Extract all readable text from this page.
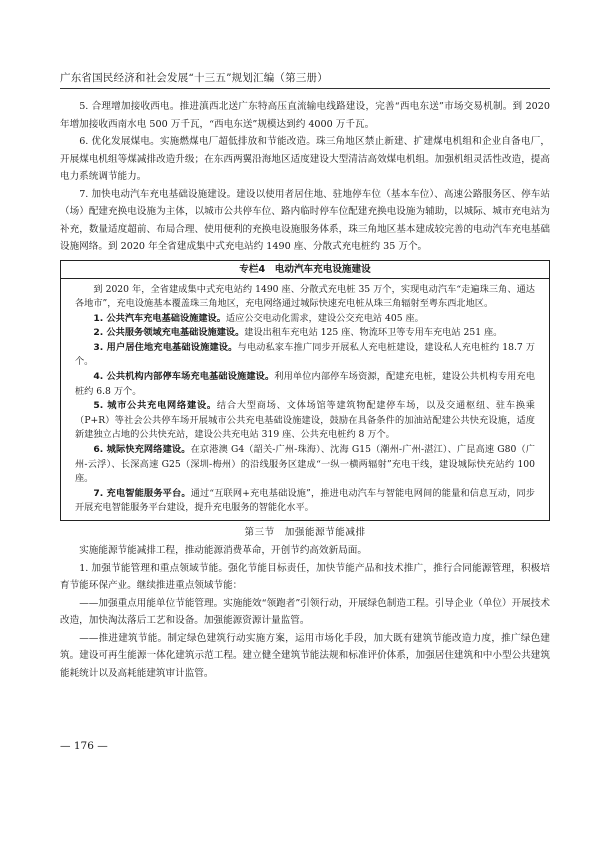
广东省国民经济和社会发展“十三五”规划汇编（第三册）

5. 合理增加接收西电。推进滇西北送广东特高压直流输电线路建设，完善“西电东送”市场交易机制。到 2020 年增加接收西南水电 500 万千瓦，“西电东送”规模达到约 4000 万千瓦。

6. 优化发展煤电。实施燃煤电厂超低排放和节能改造。珠三角地区禁止新建、扩建煤电机组和企业自备电厂，开展煤电机组等煤减排改造升级；在东西两翼沿海地区适度建设大型清洁高效煤电机组。加强机组灵活性改造，提高电力系统调节能力。

7. 加快电动汽车充电基础设施建设。建设以使用者居住地、驻地停车位（基本车位）、高速公路服务区、停车站（场）配建充换电设施为主体，以城市公共停车位、路内临时停车位配建充换电设施为辅助，以城际、城市充电站为补充，数量适度超前、布局合理、使用便利的充换电设施服务体系，珠三角地区基本建成较完善的电动汽车充电基础设施网络。到 2020 年全省建成集中式充电站约 1490 座、分散式充电桩约 35 万个。

专栏4　电动汽车充电设施建设

到 2020 年，全省建成集中式充电站约 1490 座、分散式充电桩 35 万个，实现电动汽车“走遍珠三角、通达各地市”，充电设施基本覆盖珠三角地区，充电网络通过城际快速充电桩从珠三角辐射至粤东西北地区。

1. 公共汽车充电基础设施建设。适应公交电动化需求，建设公交充电站 405 座。

2. 公共服务领域充电基础设施建设。建设出租车充电站 125 座、物流环卫等专用车充电站 251 座。

3. 用户居住地充电基础设施建设。与电动私家车推广同步开展私人充电桩建设，建设私人充电桩约 18.7 万个。

4. 公共机构内部停车场充电基础设施建设。利用单位内部停车场资源，配建充电桩，建设公共机构专用充电桩约 6.8 万个。

5. 城市公共充电网络建设。结合大型商场、文体场馆等建筑物配建停车场，以及交通枢纽、驻车换乘（P+R）等社会公共停车场开展城市公共充电基础设施建设，鼓励在具备条件的加油站配建公共快充设施，适度新建独立占地的公共快充站，建设公共充电站 319 座、公共充电桩约 8 万个。

6. 城际快充网络建设。在京港澳 G4（韶关-广州-珠海）、沈海 G15（潮州-广州-湛江）、广昆高速 G80（广州-云浮）、长深高速 G25（深圳-梅州）的沿线服务区建成“一纵一横两辐射”充电干线，建设城际快充站约 100 座。

7. 充电智能服务平台。通过“互联网+充电基础设施”，推进电动汽车与智能电网间的能量和信息互动，同步开展充电智能服务平台建设，提升充电服务的智能化水平。

第三节　加强能源节能减排

实施能源节能减排工程，推动能源消费革命，开创节约高效新局面。

1. 加强节能管理和重点领域节能。强化节能目标责任，加快节能产品和技术推广，推行合同能源管理，积极培育节能环保产业。继续推进重点领域节能：

——加强重点用能单位节能管理。实施能效“领跑者”引领行动，开展绿色制造工程。引导企业（单位）开展技术改造，加快淘汰落后工艺和设备。加强能源资源计量监管。

——推进建筑节能。制定绿色建筑行动实施方案，运用市场化手段，加大既有建筑节能改造力度，推广绿色建筑。建设可再生能源一体化建筑示范工程。建立健全建筑节能法规和标准评价体系，加强居住建筑和中小型公共建筑能耗统计以及高耗能建筑审计监管。

— 176 —
